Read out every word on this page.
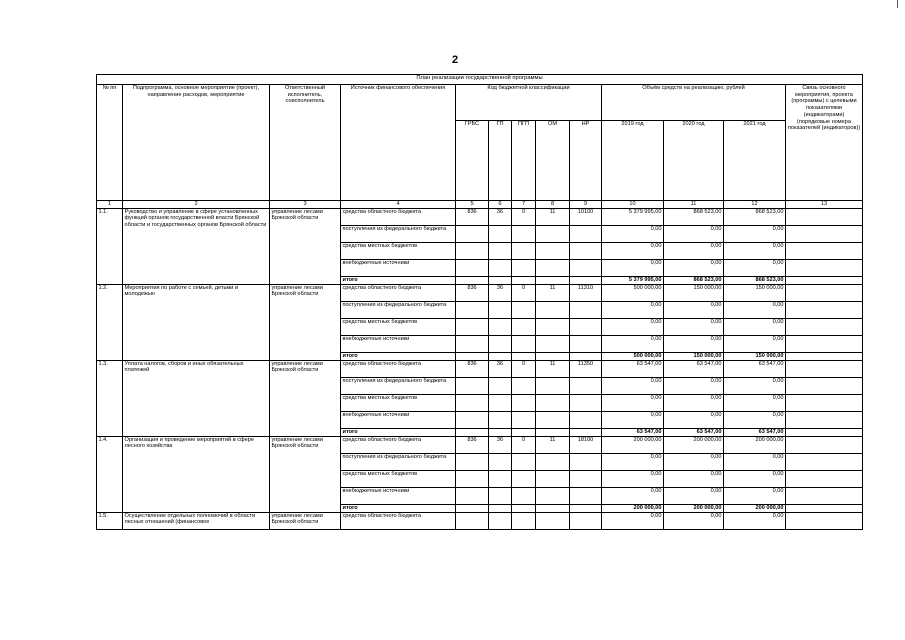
2
План реализации государственной программы												
№ пп	Подпрограмма, основное мероприятие (проект), направление расходов, мероприятие	Ответственный исполнитель, соисполнитель	Источник финансового обеспечения	Код бюджетной классификации					Объём средств на реализацию, рублей			Связь основного мероприятия, проекта (программы) с целевыми показателями (индикаторами) (порядковые номера показателей (индикаторов))
				ГРБС	ГП	ПГП	ОМ	НР	2019 год	2020 год	2021 год	
1	2	3	4	5	6	7	8	9	10	11	12	13
1.1.	Руководство и управление в сфере установленных функций органов государственной власти Брянской области и государственных органов Брянской области	управление лесами Брянской области	средства областного бюджета	836	36	0	11	10100	5 379 995,00	868 523,00	868 523,00	
			поступления из федерального бюджета						0,00	0,00	0,00	
			средства местных бюджетов						0,00	0,00	0,00	
			внебюджетные источники						0,00	0,00	0,00	
			итого						5 379 995,00	868 523,00	868 523,00	
1.2.	Мероприятия по работе с семьей, детьми и молодежью	управление лесами Брянской области	средства областного бюджета	836	36	0	11	11310	500 000,00	150 000,00	150 000,00	
			поступления из федерального бюджета						0,00	0,00	0,00	
			средства местных бюджетов						0,00	0,00	0,00	
			внебюджетные источники						0,00	0,00	0,00	
			итого						500 000,00	150 000,00	150 000,00	
1.3.	Уплата налогов, сборов и иных обязательных платежей	управление лесами Брянской области	средства областного бюджета	836	36	0	11	11350	63 547,00	63 547,00	63 547,00	
			поступления из федерального бюджета						0,00	0,00	0,00	
			средства местных бюджетов						0,00	0,00	0,00	
			внебюджетные источники						0,00	0,00	0,00	
			итого						63 547,00	63 547,00	63 547,00	
1.4.	Организация и проведение мероприятий в сфере лесного хозяйства	управление лесами Брянской области	средства областного бюджета	836	36	0	11	18100	200 000,00	200 000,00	200 000,00	
			поступления из федерального бюджета						0,00	0,00	0,00	
			средства местных бюджетов						0,00	0,00	0,00	
			внебюджетные источники						0,00	0,00	0,00	
			итого						200 000,00	200 000,00	200 000,00	
1.5.	Осуществление отдельных полномочий в области лесных отношений (финансовое	управление лесами Брянской области	средства областного бюджета						0,00	0,00	0,00	
